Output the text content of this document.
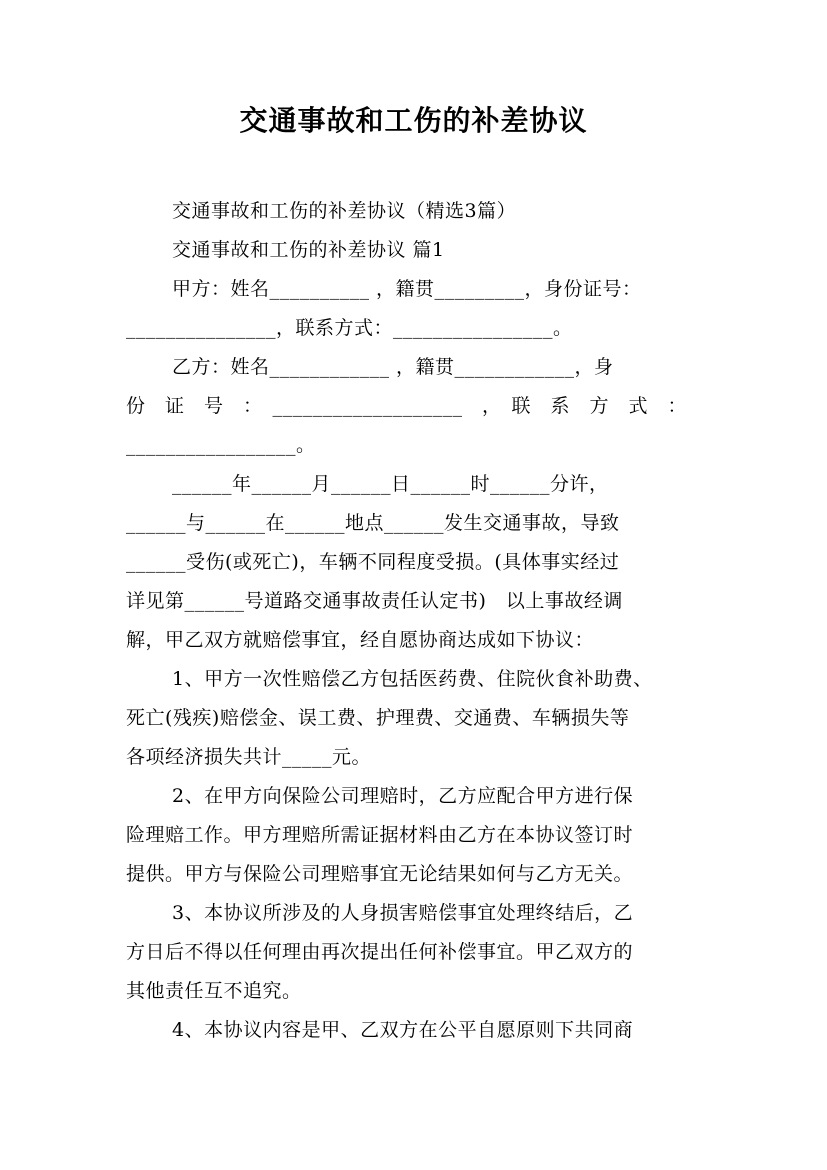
交通事故和工伤的补差协议
交通事故和工伤的补差协议（精选3篇）
交通事故和工伤的补差协议 篇1
甲方：姓名__________ ，籍贯_________，身份证号：
_______________，联系方式：________________。
乙方：姓名____________ ，籍贯____________，身
份　证　号　：　___________________　，　联　系　方　式　：
_________________。
______年______月______日______时______分许，
______与______在______地点______发生交通事故，导致
______受伤(或死亡)，车辆不同程度受损。(具体事实经过
详见第______号道路交通事故责任认定书)　以上事故经调
解，甲乙双方就赔偿事宜，经自愿协商达成如下协议：
1、甲方一次性赔偿乙方包括医药费、住院伙食补助费、
死亡(残疾)赔偿金、误工费、护理费、交通费、车辆损失等
各项经济损失共计_____元。
2、在甲方向保险公司理赔时，乙方应配合甲方进行保
险理赔工作。甲方理赔所需证据材料由乙方在本协议签订时
提供。甲方与保险公司理赔事宜无论结果如何与乙方无关。
3、本协议所涉及的人身损害赔偿事宜处理终结后，乙
方日后不得以任何理由再次提出任何补偿事宜。甲乙双方的
其他责任互不追究。
4、本协议内容是甲、乙双方在公平自愿原则下共同商
